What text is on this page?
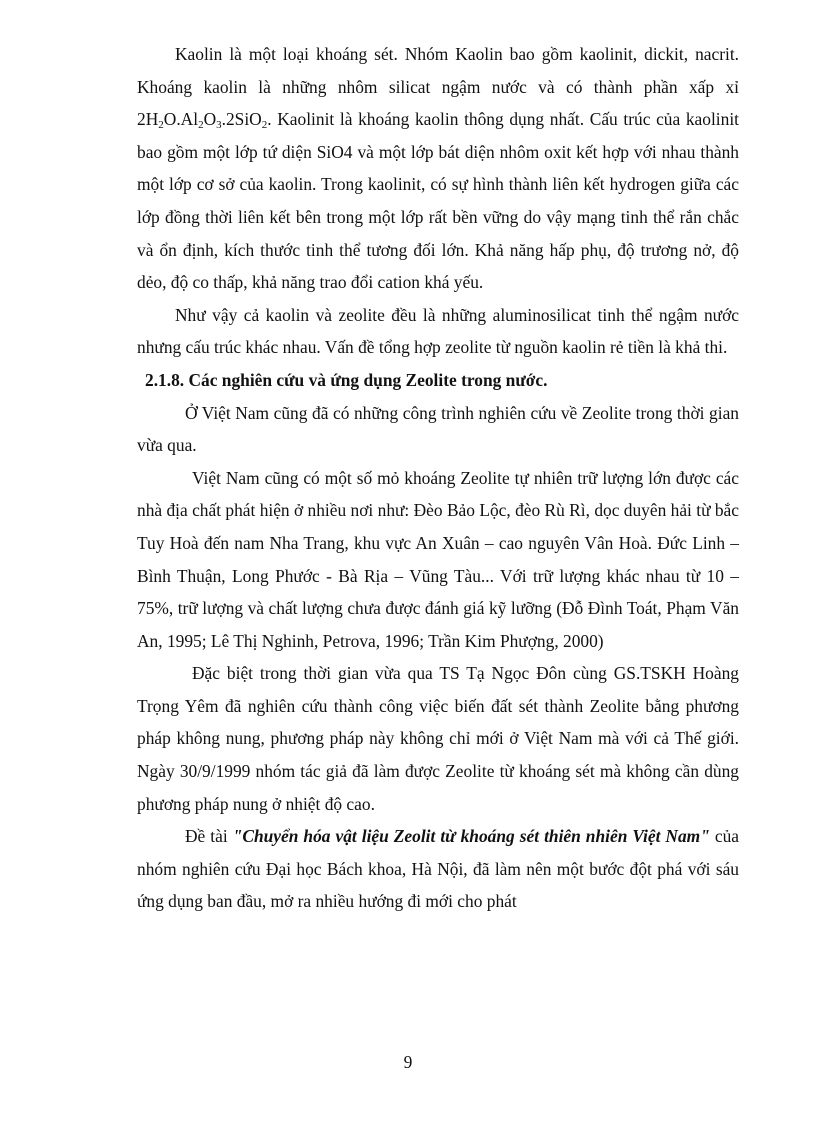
Kaolin là một loại khoáng sét. Nhóm Kaolin bao gồm kaolinit, dickit, nacrit. Khoáng kaolin là những nhôm silicat ngậm nước và có thành phần xấp xỉ $2H_2O.Al_2O_3.2SiO_2$. Kaolinit là khoáng kaolin thông dụng nhất. Cấu trúc của kaolinit bao gồm một lớp tứ diện SiO4 và một lớp bát diện nhôm oxit kết hợp với nhau thành một lớp cơ sở của kaolin. Trong kaolinit, có sự hình thành liên kết hydrogen giữa các lớp đồng thời liên kết bên trong một lớp rất bền vững do vậy mạng tinh thể rắn chắc và ổn định, kích thước tinh thể tương đối lớn. Khả năng hấp phụ, độ trương nở, độ dẻo, độ co thấp, khả năng trao đổi cation khá yếu.

Như vậy cả kaolin và zeolite đều là những aluminosilicat tinh thể ngậm nước nhưng cấu trúc khác nhau. Vấn đề tổng hợp zeolite từ nguồn kaolin rẻ tiền là khả thi.

2.1.8. Các nghiên cứu và ứng dụng Zeolite trong nước.

Ở Việt Nam cũng đã có những công trình nghiên cứu về Zeolite trong thời gian vừa qua.

Việt Nam cũng có một số mỏ khoáng Zeolite tự nhiên trữ lượng lớn được các nhà địa chất phát hiện ở nhiều nơi như: Đèo Bảo Lộc, đèo Rù Rì, dọc duyên hải từ bắc Tuy Hoà đến nam Nha Trang, khu vực An Xuân – cao nguyên Vân Hoà. Đức Linh – Bình Thuận, Long Phước - Bà Rịa – Vũng Tàu... Với trữ lượng khác nhau từ 10 – 75%, trữ lượng và chất lượng chưa được đánh giá kỹ lưỡng (Đỗ Đình Toát, Phạm Văn An, 1995; Lê Thị Nghinh, Petrova, 1996; Trần Kim Phượng, 2000)

Đặc biệt trong thời gian vừa qua TS Tạ Ngọc Đôn cùng GS.TSKH Hoàng Trọng Yêm đã nghiên cứu thành công việc biến đất sét thành Zeolite bằng phương pháp không nung, phương pháp này không chỉ mới ở Việt Nam mà với cả Thế giới. Ngày 30/9/1999 nhóm tác giả đã làm được Zeolite từ khoáng sét mà không cần dùng phương pháp nung ở nhiệt độ cao.

Đề tài "Chuyển hóa vật liệu Zeolit từ khoáng sét thiên nhiên Việt Nam" của nhóm nghiên cứu Đại học Bách khoa, Hà Nội, đã làm nên một bước đột phá với sáu ứng dụng ban đầu, mở ra nhiều hướng đi mới cho phát

9
